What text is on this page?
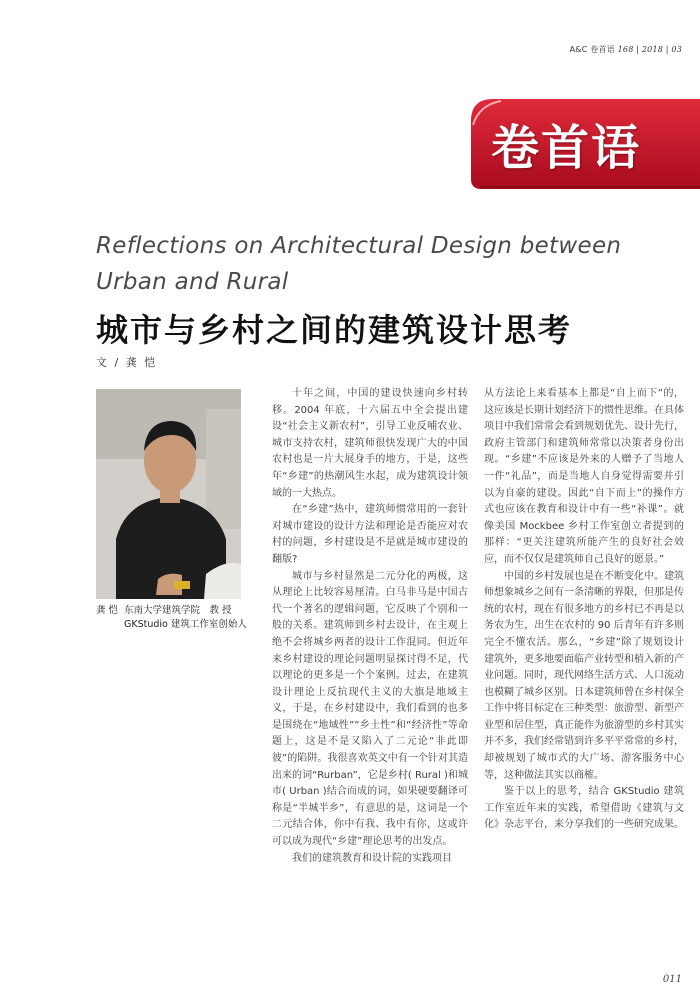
A&C 卷首语 168 | 2018 | 03
卷首语
Reflections on Architectural Design between Urban and Rural
城市与乡村之间的建筑设计思考
文 / 龚 恺
龚 恺 东南大学建筑学院　教 授
GKStudio 建筑工作室创始人

十年之间，中国的建设快速向乡村转移。2004 年底，十六届五中全会提出建设“社会主义新农村”，引导工业反哺农业、城市支持农村，建筑师很快发现广大的中国农村也是一片大展身手的地方，于是，这些年“乡建”的热潮风生水起，成为建筑设计领域的一大热点。

在“乡建”热中，建筑师惯常用的一套针对城市建设的设计方法和理论是否能应对农村的问题，乡村建设是不是就是城市建设的翻版?

城市与乡村显然是二元分化的两极，这从理论上比较容易厘清。白马非马是中国古代一个著名的逻辑问题，它反映了个别和一般的关系。建筑师到乡村去设计，在主观上绝不会将城乡两者的设计工作混同。但近年来乡村建设的理论问题明显探讨得不足，代以理论的更多是一个个案例。过去，在建筑设计理论上反抗现代主义的大旗是地域主义，于是，在乡村建设中，我们看到的也多是围绕在“地域性”“乡土性”和“经济性”等命题上，这是不是又陷入了二元论“非此即彼”的陷阱。我很喜欢英文中有一个针对其造出来的词“Rurban”，它是乡村( Rural )和城市( Urban )结合而成的词，如果硬要翻译可称是“半城半乡”，有意思的是，这词是一个二元结合体，你中有我、我中有你，这或许可以成为现代“乡建”理论思考的出发点。

我们的建筑教育和设计院的实践项目

从方法论上来看基本上都是“自上而下”的，这应该是长期计划经济下的惯性思维。在具体项目中我们常常会看到规划优先、设计先行，政府主管部门和建筑师常常以决策者身份出现。“乡建”不应该是外来的人赠予了当地人一件“礼品”，而是当地人自身觉得需要并引以为自豪的建设。因此“自下而上”的操作方式也应该在教育和设计中有一些“补课”。就像美国 Mockbee 乡村工作室创立者提到的那样：“更关注建筑所能产生的良好社会效应，而不仅仅是建筑师自己良好的愿景。”

中国的乡村发展也是在不断变化中。建筑师想象城乡之间有一条清晰的界限，但那是传统的农村，现在有很多地方的乡村已不再是以务农为生，出生在农村的 90 后青年有许多则完全不懂农活。那么，“乡建”除了规划设计建筑外，更多地要面临产业转型和植入新的产业问题。同时，现代网络生活方式、人口流动也模糊了城乡区别。日本建筑师曾在乡村保全工作中将目标定在三种类型：旅游型、新型产业型和居住型，真正能作为旅游型的乡村其实并不多，我们经常错到许多平平常常的乡村，却被规划了城市式的大广场、游客服务中心等，这种做法其实以商榷。

鉴于以上的思考，结合 GKStudio 建筑工作室近年来的实践，希望借助《建筑与文化》杂志平台，来分享我们的一些研究成果。

011
